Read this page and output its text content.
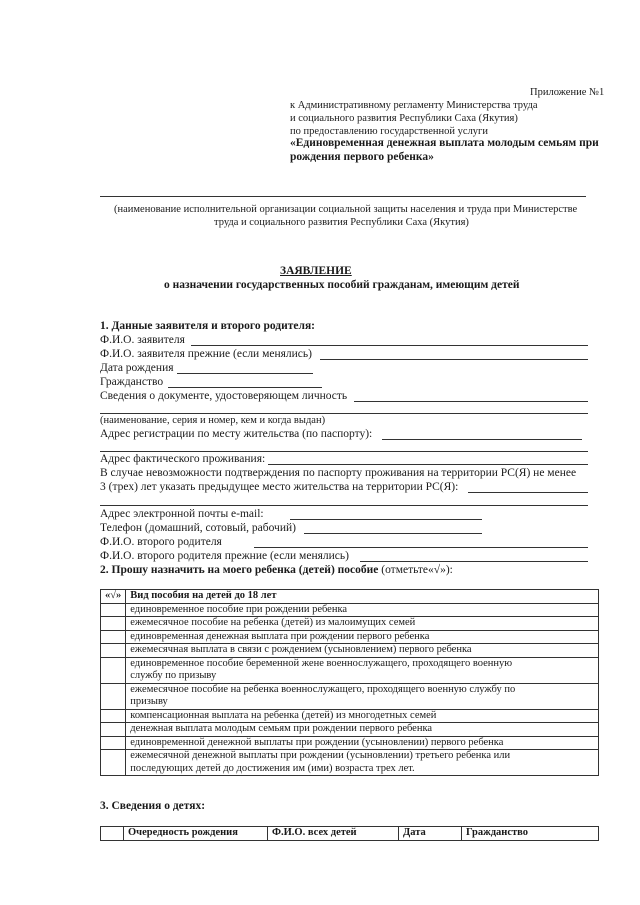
Приложение №1
к Административному регламенту Министерства труда
и социального развития Республики Саха (Якутия)
по предоставлению государственной услуги
«Единовременная денежная выплата молодым семьям при
рождения первого ребенка»
(наименование исполнительной организации социальной защиты населения и труда при Министерстве
труда и социального развития Республики Саха (Якутия)
ЗАЯВЛЕНИЕ
о назначении государственных пособий гражданам, имеющим детей
1. Данные заявителя и второго родителя:
Ф.И.О. заявителя
Ф.И.О. заявителя прежние (если менялись)
Дата рождения
Гражданство
Сведения о документе, удостоверяющем личность
(наименование, серия и номер, кем и когда выдан)
Адрес регистрации по месту жительства (по паспорту):
Адрес фактического проживания:
В случае невозможности подтверждения по паспорту проживания на территории РС(Я) не менее
3 (трех) лет указать предыдущее место жительства на территории РС(Я):
Адрес электронной почты e-mail:
Телефон (домашний, сотовый, рабочий)
Ф.И.О. второго родителя
Ф.И.О. второго родителя прежние (если менялись)
2. Прошу назначить на моего ребенка (детей) пособие (отметьте«√»):
«√»	Вид пособия на детей до 18 лет
	единовременное пособие при рождении ребенка
	ежемесячное пособие на ребенка (детей) из малоимущих семей
	единовременная денежная выплата при рождении первого ребенка
	ежемесячная выплата в связи с рождением (усыновлением) первого ребенка

	единовременное пособие беременной жене военнослужащего, проходящего военную
службу по призыву

	ежемесячное пособие на ребенка военнослужащего, проходящего военную службу по
призыву

	компенсационная выплата на ребенка (детей) из многодетных семей
	денежная выплата молодым семьям при рождении первого ребенка
	единовременной денежной выплаты при рождении (усыновлении) первого ребенка

	ежемесячной денежной выплаты при рождении (усыновлении) третьего ребенка или
последующих детей до достижения им (ими) возраста трех лет.
3. Сведения о детях:
	Очередность рождения	Ф.И.О. всех детей	Дата	Гражданство
